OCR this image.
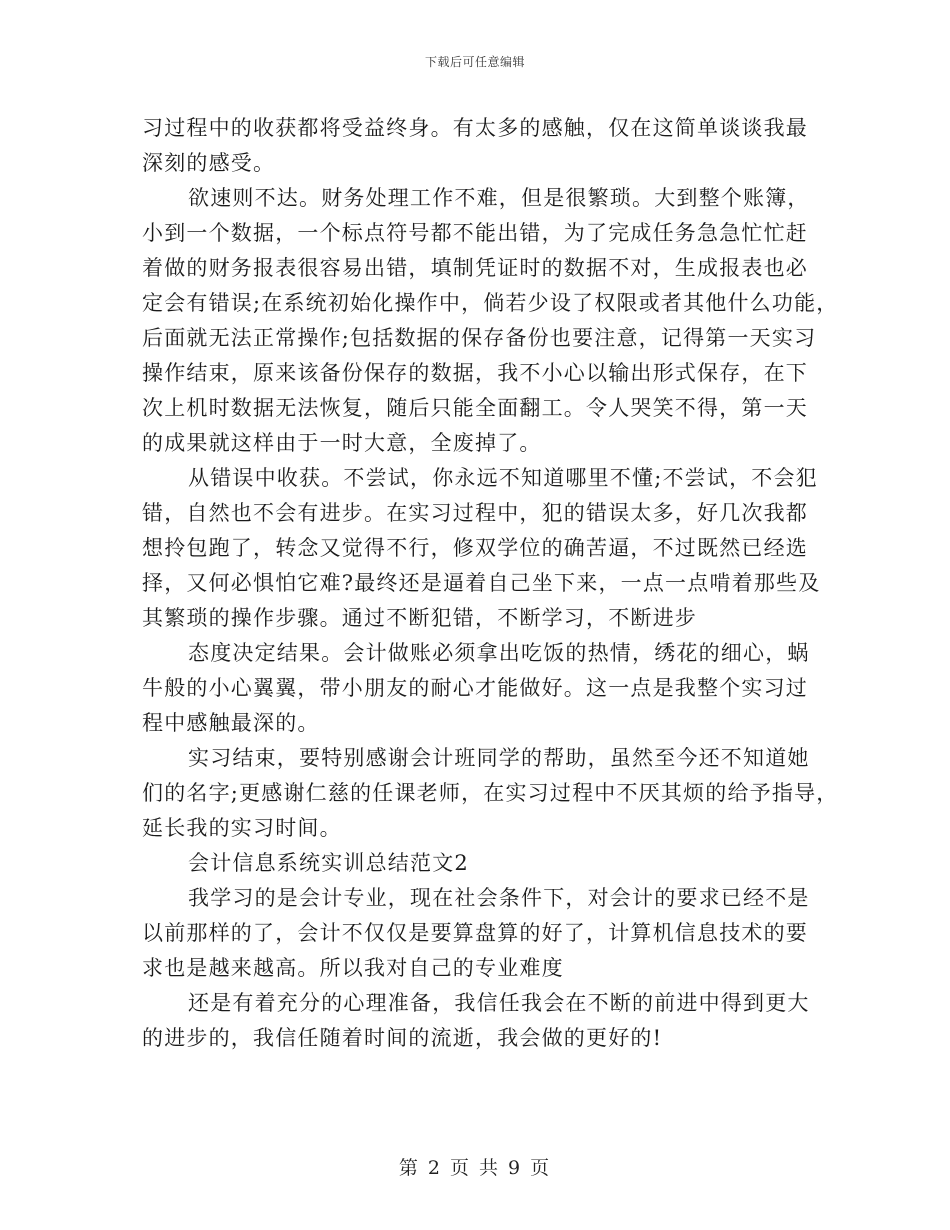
下载后可任意编辑
习过程中的收获都将受益终身。有太多的感触，仅在这简单谈谈我最
深刻的感受。
欲速则不达。财务处理工作不难，但是很繁琐。大到整个账簿，
小到一个数据，一个标点符号都不能出错，为了完成任务急急忙忙赶
着做的财务报表很容易出错，填制凭证时的数据不对，生成报表也必
定会有错误;在系统初始化操作中，倘若少设了权限或者其他什么功能，
后面就无法正常操作;包括数据的保存备份也要注意，记得第一天实习
操作结束，原来该备份保存的数据，我不小心以输出形式保存，在下
次上机时数据无法恢复，随后只能全面翻工。令人哭笑不得，第一天
的成果就这样由于一时大意，全废掉了。
从错误中收获。不尝试，你永远不知道哪里不懂;不尝试，不会犯
错，自然也不会有进步。在实习过程中，犯的错误太多，好几次我都
想拎包跑了，转念又觉得不行，修双学位的确苦逼，不过既然已经选
择，又何必惧怕它难?最终还是逼着自己坐下来，一点一点啃着那些及
其繁琐的操作步骤。通过不断犯错，不断学习，不断进步
态度决定结果。会计做账必须拿出吃饭的热情，绣花的细心，蜗
牛般的小心翼翼，带小朋友的耐心才能做好。这一点是我整个实习过
程中感触最深的。
实习结束，要特别感谢会计班同学的帮助，虽然至今还不知道她
们的名字;更感谢仁慈的任课老师，在实习过程中不厌其烦的给予指导，
延长我的实习时间。
会计信息系统实训总结范文2
我学习的是会计专业，现在社会条件下，对会计的要求已经不是
以前那样的了，会计不仅仅是要算盘算的好了，计算机信息技术的要
求也是越来越高。所以我对自己的专业难度
还是有着充分的心理准备，我信任我会在不断的前进中得到更大
的进步的，我信任随着时间的流逝，我会做的更好的!
第 2 页 共 9 页
